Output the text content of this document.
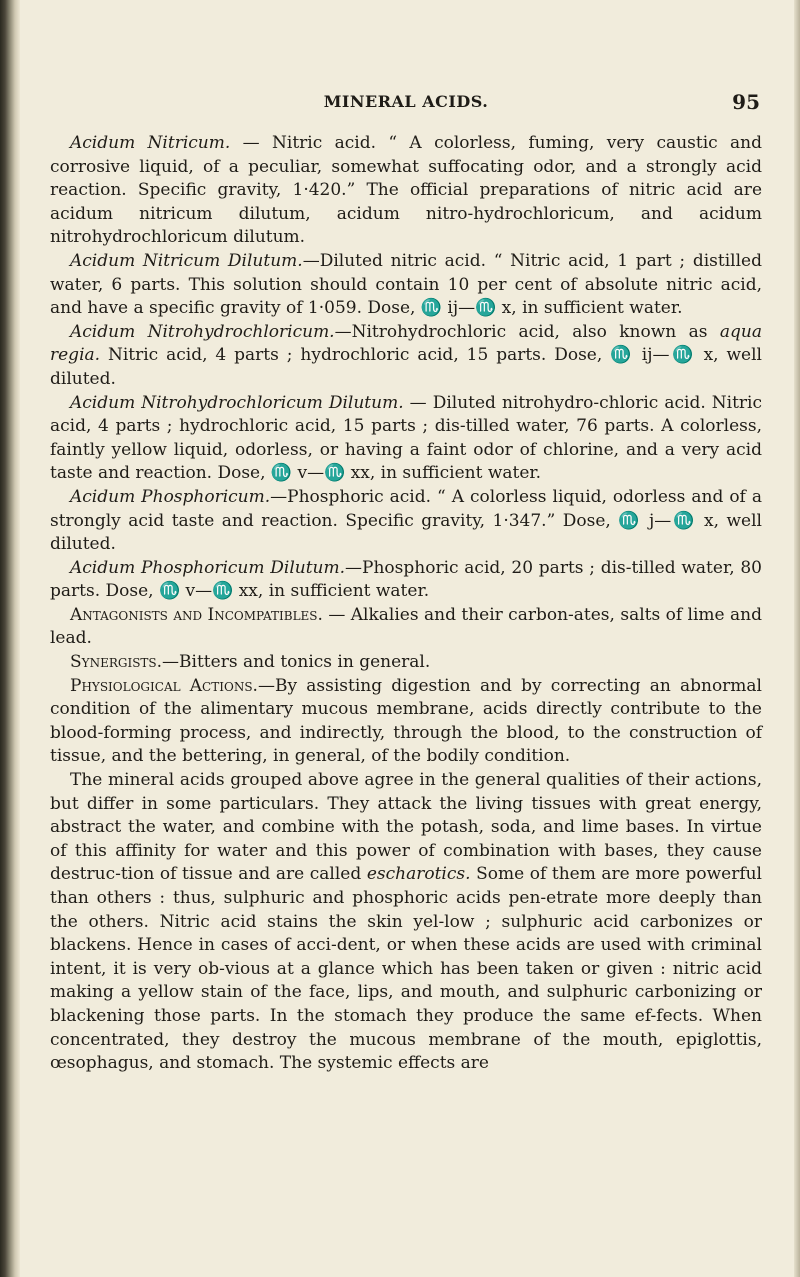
MINERAL ACIDS.	95

Acidum Nitricum. — Nitric acid. “ A colorless, fuming, very caustic and corrosive liquid, of a peculiar, somewhat suffocating odor, and a strongly acid reaction. Specific gravity, 1·420.” The official preparations of nitric acid are acidum nitricum dilutum, acidum nitro-hydrochloricum, and acidum nitrohydrochloricum dilutum.

Acidum Nitricum Dilutum.—Diluted nitric acid. “ Nitric acid, 1 part ; distilled water, 6 parts. This solution should contain 10 per cent of absolute nitric acid, and have a specific gravity of 1·059. Dose, ♏ ij—♏ x, in sufficient water.

Acidum Nitrohydrochloricum.—Nitrohydrochloric acid, also known as aqua regia. Nitric acid, 4 parts ; hydrochloric acid, 15 parts. Dose, ♏ ij—♏ x, well diluted.

Acidum Nitrohydrochloricum Dilutum. — Diluted nitrohydro-chloric acid. Nitric acid, 4 parts ; hydrochloric acid, 15 parts ; dis-tilled water, 76 parts. A colorless, faintly yellow liquid, odorless, or having a faint odor of chlorine, and a very acid taste and reaction. Dose, ♏ v—♏ xx, in sufficient water.

Acidum Phosphoricum.—Phosphoric acid. “ A colorless liquid, odorless and of a strongly acid taste and reaction. Specific gravity, 1·347.” Dose, ♏ j—♏ x, well diluted.

Acidum Phosphoricum Dilutum.—Phosphoric acid, 20 parts ; dis-tilled water, 80 parts. Dose, ♏ v—♏ xx, in sufficient water.

Antagonists and Incompatibles. — Alkalies and their carbon-ates, salts of lime and lead.

Synergists.—Bitters and tonics in general.

Physiological Actions.—By assisting digestion and by correcting an abnormal condition of the alimentary mucous membrane, acids directly contribute to the blood-forming process, and indirectly, through the blood, to the construction of tissue, and the bettering, in general, of the bodily condition.

The mineral acids grouped above agree in the general qualities of their actions, but differ in some particulars. They attack the living tissues with great energy, abstract the water, and combine with the potash, soda, and lime bases. In virtue of this affinity for water and this power of combination with bases, they cause destruc-tion of tissue and are called escharotics. Some of them are more powerful than others : thus, sulphuric and phosphoric acids pen-etrate more deeply than the others. Nitric acid stains the skin yel-low ; sulphuric acid carbonizes or blackens. Hence in cases of acci-dent, or when these acids are used with criminal intent, it is very ob-vious at a glance which has been taken or given : nitric acid making a yellow stain of the face, lips, and mouth, and sulphuric carbonizing or blackening those parts. In the stomach they produce the same ef-fects. When concentrated, they destroy the mucous membrane of the mouth, epiglottis, œsophagus, and stomach. The systemic effects are
